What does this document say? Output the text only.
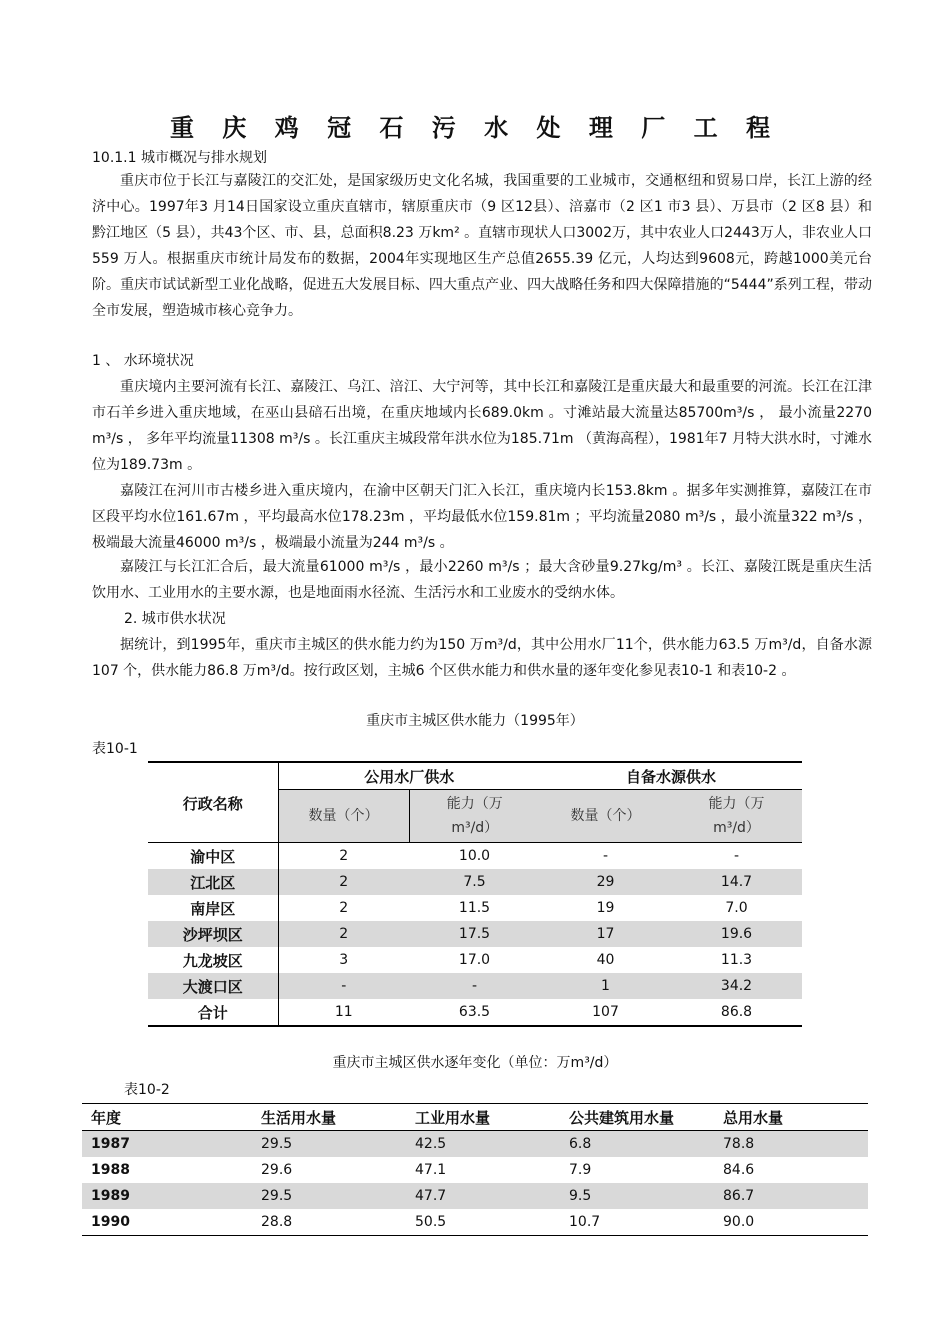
重 庆 鸡 冠 石 污 水 处 理 厂 工 程
10.1.1 城市概况与排水规划

重庆市位于长江与嘉陵江的交汇处，是国家级历史文化名城，我国重要的工业城市，交通枢纽和贸易口岸，长江上游的经济中心。1997年3 月14日国家设立重庆直辖市，辖原重庆市（9 区12县）、涪嘉市（2 区1 市3 县）、万县市（2 区8 县）和黔江地区（5 县），共43个区、市、县，总面积8.23 万km² 。直辖市现状人口3002万，其中农业人口2443万人，非农业人口559 万人。根据重庆市统计局发布的数据，2004年实现地区生产总值2655.39 亿元，人均达到9608元，跨越1000美元台阶。重庆市试试新型工业化战略，促进五大发展目标、四大重点产业、四大战略任务和四大保障措施的“5444”系列工程，带动全市发展，塑造城市核心竞争力。

1 、 水环境状况

重庆境内主要河流有长江、嘉陵江、乌江、涪江、大宁河等，其中长江和嘉陵江是重庆最大和最重要的河流。长江在江津市石羊乡进入重庆地域，在巫山县碚石出境，在重庆地域内长689.0km 。寸滩站最大流量达85700m³/s ， 最小流量2270 m³/s ， 多年平均流量11308 m³/s 。长江重庆主城段常年洪水位为185.71m （黄海高程），1981年7 月特大洪水时，寸滩水位为189.73m 。

嘉陵江在河川市古楼乡进入重庆境内，在渝中区朝天门汇入长江，重庆境内长153.8km 。据多年实测推算，嘉陵江在市区段平均水位161.67m ，平均最高水位178.23m ，平均最低水位159.81m ；平均流量2080 m³/s ，最小流量322 m³/s ，极端最大流量46000 m³/s ，极端最小流量为244 m³/s 。

嘉陵江与长江汇合后，最大流量61000 m³/s ，最小2260 m³/s ；最大含砂量9.27kg/m³ 。长江、嘉陵江既是重庆生活饮用水、工业用水的主要水源，也是地面雨水径流、生活污水和工业废水的受纳水体。

2. 城市供水状况

据统计，到1995年，重庆市主城区的供水能力约为150 万m³/d，其中公用水厂11个，供水能力63.5 万m³/d，自备水源107 个，供水能力86.8 万m³/d。按行政区划，主城6 个区供水能力和供水量的逐年变化参见表10-1 和表10-2 。

重庆市主城区供水能力（1995年）
表10-1
行政名称	公用水厂供水		自备水源供水	
	数量（个）	能力（万m³/d）	数量（个）	能力（万m³/d）
渝中区	2	10.0	-	-
江北区	2	7.5	29	14.7
南岸区	2	11.5	19	7.0
沙坪坝区	2	17.5	17	19.6
九龙坡区	3	17.0	40	11.3
大渡口区	-	-	1	34.2
合计	11	63.5	107	86.8
重庆市主城区供水逐年变化（单位：万m³/d）
表10-2
年度	生活用水量	工业用水量	公共建筑用水量	总用水量
1987	29.5	42.5	6.8	78.8
1988	29.6	47.1	7.9	84.6
1989	29.5	47.7	9.5	86.7
1990	28.8	50.5	10.7	90.0
